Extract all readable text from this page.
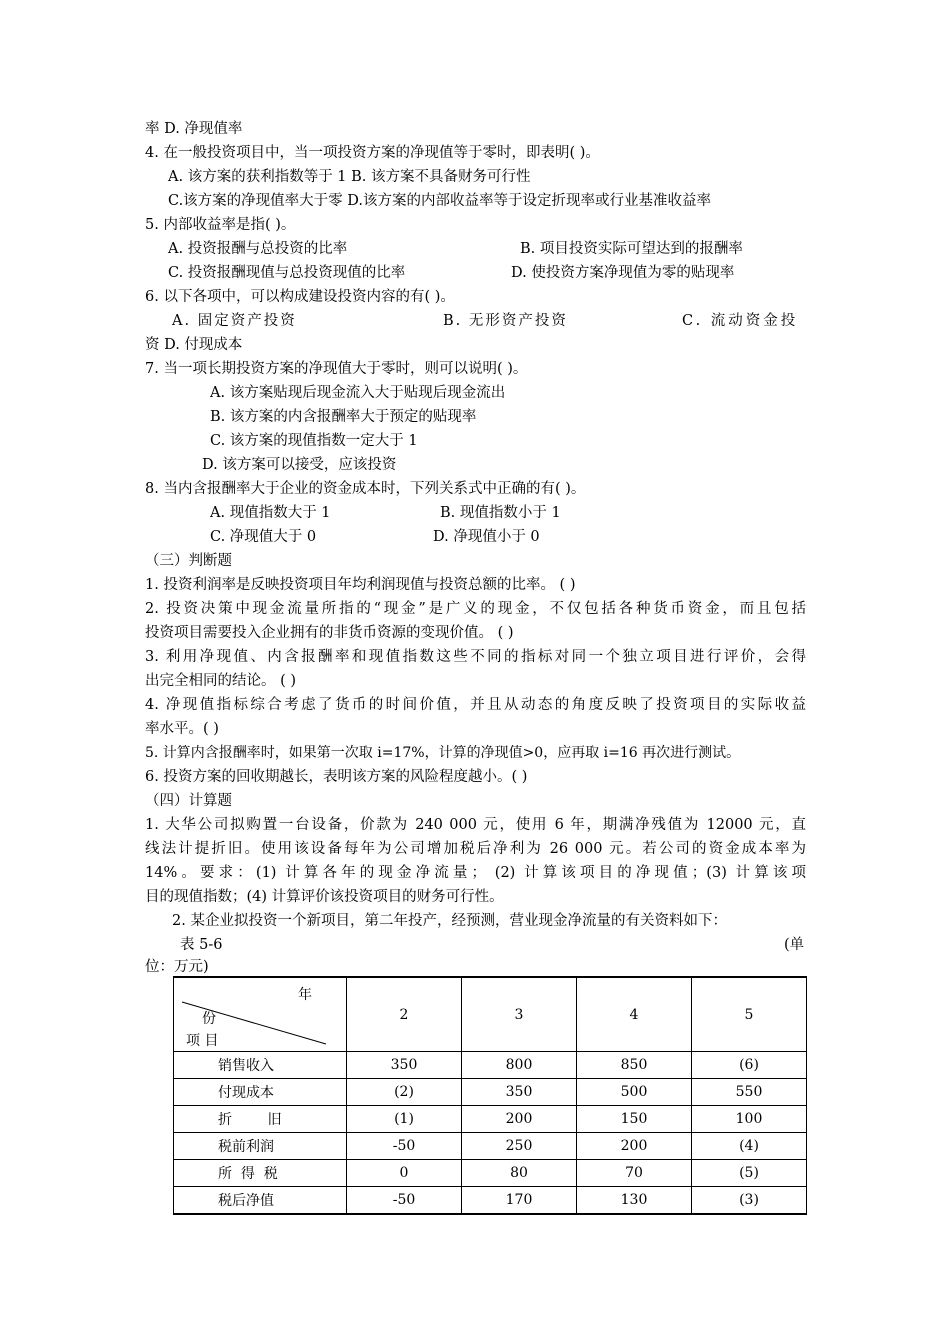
率 D. 净现值率
4. 在一般投资项目中，当一项投资方案的净现值等于零时，即表明( )。
A. 该方案的获利指数等于 1 B. 该方案不具备财务可行性
C.该方案的净现值率大于零 D.该方案的内部收益率等于设定折现率或行业基准收益率
5. 内部收益率是指( )。
A. 投资报酬与总投资的比率	B. 项目投资实际可望达到的报酬率
C. 投资报酬现值与总投资现值的比率	D. 使投资方案净现值为零的贴现率
6. 以下各项中，可以构成建设投资内容的有( )。
A. 固定资产投资	B. 无形资产投资	C. 流动资金投
资 D. 付现成本
7. 当一项长期投资方案的净现值大于零时，则可以说明( )。
A. 该方案贴现后现金流入大于贴现后现金流出
B. 该方案的内含报酬率大于预定的贴现率
C. 该方案的现值指数一定大于 1
D. 该方案可以接受，应该投资
8. 当内含报酬率大于企业的资金成本时，下列关系式中正确的有( )。
A. 现值指数大于 1	B. 现值指数小于 1
C. 净现值大于 0	D. 净现值小于 0
（三）判断题
1. 投资利润率是反映投资项目年均利润现值与投资总额的比率。 ( )
2. 投资决策中现金流量所指的“现金”是广义的现金，不仅包括各种货币资金，而且包括
投资项目需要投入企业拥有的非货币资源的变现价值。 ( )
3. 利用净现值、内含报酬率和现值指数这些不同的指标对同一个独立项目进行评价，会得
出完全相同的结论。 ( )
4. 净现值指标综合考虑了货币的时间价值，并且从动态的角度反映了投资项目的实际收益
率水平。( )
5. 计算内含报酬率时，如果第一次取 i=17%，计算的净现值>0，应再取 i=16 再次进行测试。
6. 投资方案的回收期越长，表明该方案的风险程度越小。( )
（四）计算题
1. 大华公司拟购置一台设备，价款为 240 000 元，使用 6 年，期满净残值为 12000 元，直
线法计提折旧。使用该设备每年为公司增加税后净利为 26 000 元。若公司的资金成本率为
14%。要求：(1) 计算各年的现金净流量； (2) 计算该项目的净现值；(3) 计算该项
目的现值指数；(4) 计算评价该投资项目的财务可行性。
2. 某企业拟投资一个新项目，第二年投产，经预测，营业现金净流量的有关资料如下：
表 5-6	(单
位：万元)
年
份
项 目	2	3	4	5
销售收入	350	800	850	(6)
付现成本	(2)	350	500	550
折        旧	(1)	200	150	100
税前利润	-50	250	200	(4)
所  得  税	0	80	70	(5)
税后净值	-50	170	130	(3)
